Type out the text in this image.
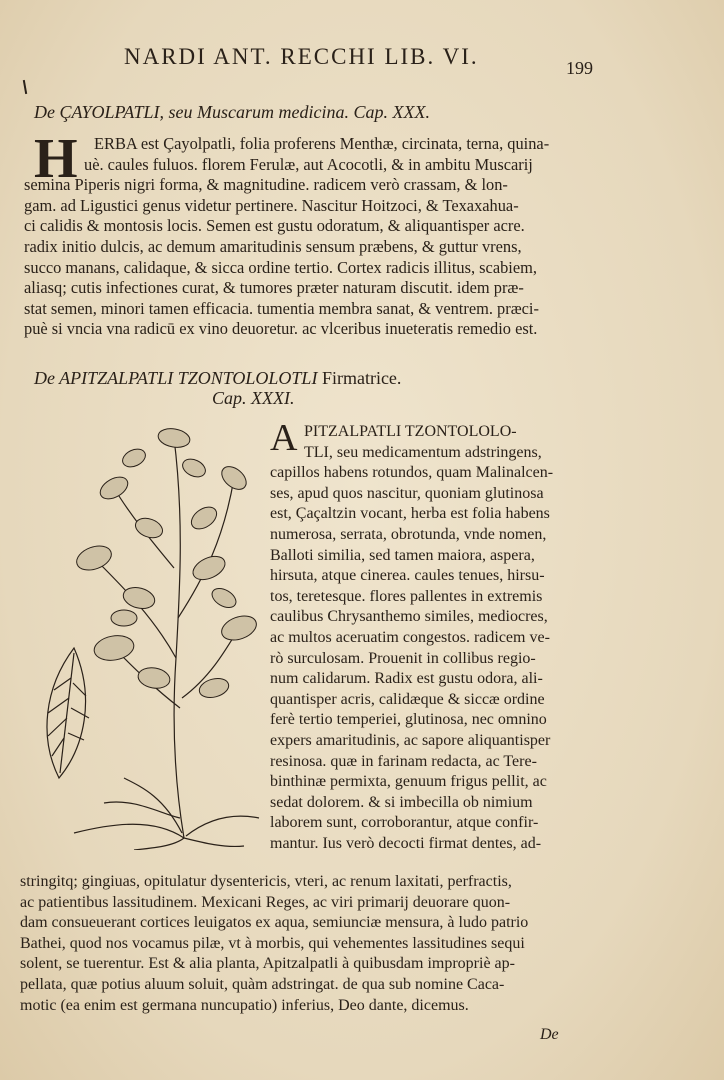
NARDI ANT. RECCHI LIB. VI.	199
De ÇAYOLPATLI, seu Muscarum medicina. Cap. XXX.
H	ERBA est Çayolpatli, folia proferens Menthæ, circinata, terna, quina-
uè. caules fuluos. florem Ferulæ, aut Acocotli, & in ambitu Muscarij
semina Piperis nigri forma, & magnitudine. radicem verò crassam, & lon-
gam. ad Ligustici genus videtur pertinere. Nascitur Hoitzoci, & Texaxahua-
ci calidis & montosis locis. Semen est gustu odoratum, & aliquantisper acre.
radix initio dulcis, ac demum amaritudinis sensum præbens, & guttur vrens,
succo manans, calidaque, & sicca ordine tertio. Cortex radicis illitus, scabiem,
aliasq; cutis infectiones curat, & tumores præter naturam discutit. idem præ-
stat semen, minori tamen efficacia. tumentia membra sanat, & ventrem. præci-
puè si vncia vna radicū ex vino deuoretur. ac vlceribus inueteratis remedio est.
De APITZALPATLI TZONTOLOLOTLI Firmatrice.
Cap. XXXI.
A PITZALPATLI TZONTOLOLO-
TLI, seu medicamentum adstringens,
capillos habens rotundos, quam Malinalcen-
ses, apud quos nascitur, quoniam glutinosa
est, Çaçaltzin vocant, herba est folia habens
numerosa, serrata, obrotunda, vnde nomen,
Balloti similia, sed tamen maiora, aspera,
hirsuta, atque cinerea. caules tenues, hirsu-
tos, teretesque. flores pallentes in extremis
caulibus Chrysanthemo similes, mediocres,
ac multos aceruatim congestos. radicem ve-
rò surculosam. Prouenit in collibus regio-
num calidarum. Radix est gustu odora, ali-
quantisper acris, calidæque & siccæ ordine
ferè tertio temperiei, glutinosa, nec omnino
expers amaritudinis, ac sapore aliquantisper
resinosa. quæ in farinam redacta, ac Tere-
binthinæ permixta, genuum frigus pellit, ac
sedat dolorem. & si imbecilla ob nimium
laborem sunt, corroborantur, atque confir-
mantur. Ius verò decocti firmat dentes, ad-
stringitq; gingiuas, opitulatur dysentericis, vteri, ac renum laxitati, perfractis,
ac patientibus lassitudinem. Mexicani Reges, ac viri primarij deuorare quon-
dam consueuerant cortices leuigatos ex aqua, semiunciæ mensura, à ludo patrio
Bathei, quod nos vocamus pilæ, vt à morbis, qui vehementes lassitudines sequi
solent, se tuerentur. Est & alia planta, Apitzalpatli à quibusdam impropriè ap-
pellata, quæ potius aluum soluit, quàm adstringat. de qua sub nomine Caca-
motic (ea enim est germana nuncupatio) inferius, Deo dante, dicemus.
De
